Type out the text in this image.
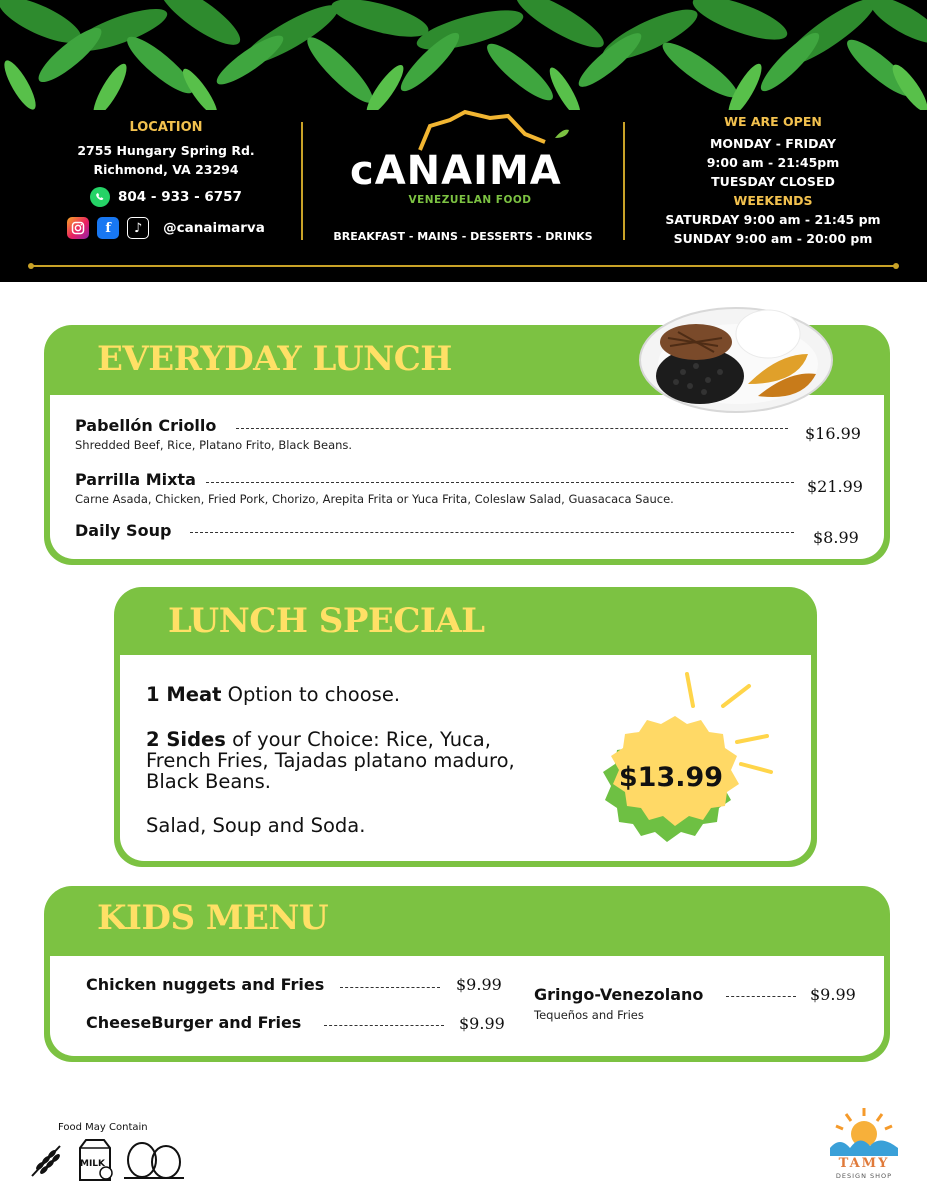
LOCATION
2755 Hungary Spring Rd.
Richmond, VA 23294
804 - 933 - 6757
f	♪	@canaimarva
cANAIMA
VENEZUELAN FOOD
BREAKFAST - MAINS - DESSERTS - DRINKS
WE ARE OPEN
MONDAY - FRIDAY
9:00 am - 21:45pm
TUESDAY CLOSED
WEEKENDS
SATURDAY 9:00 am - 21:45 pm
SUNDAY 9:00 am - 20:00 pm
EVERYDAY LUNCH
Pabellón Criollo
Shredded Beef, Rice, Platano Frito, Black Beans.
$16.99
Parrilla Mixta
Carne Asada, Chicken, Fried Pork, Chorizo, Arepita Frita or Yuca Frita, Coleslaw Salad, Guasacaca Sauce.
$21.99
Daily Soup	$8.99
LUNCH SPECIAL
1 Meat Option to choose.
2 Sides of your Choice: Rice, Yuca,
French Fries, Tajadas platano maduro,
Black Beans.
Salad, Soup and Soda.
$13.99
KIDS MENU
Chicken nuggets and Fries	$9.99
CheeseBurger and Fries	$9.99
Gringo-Venezolano
Tequeños and Fries
$9.99
Food May Contain
MILK	TAMY
DESIGN SHOP
